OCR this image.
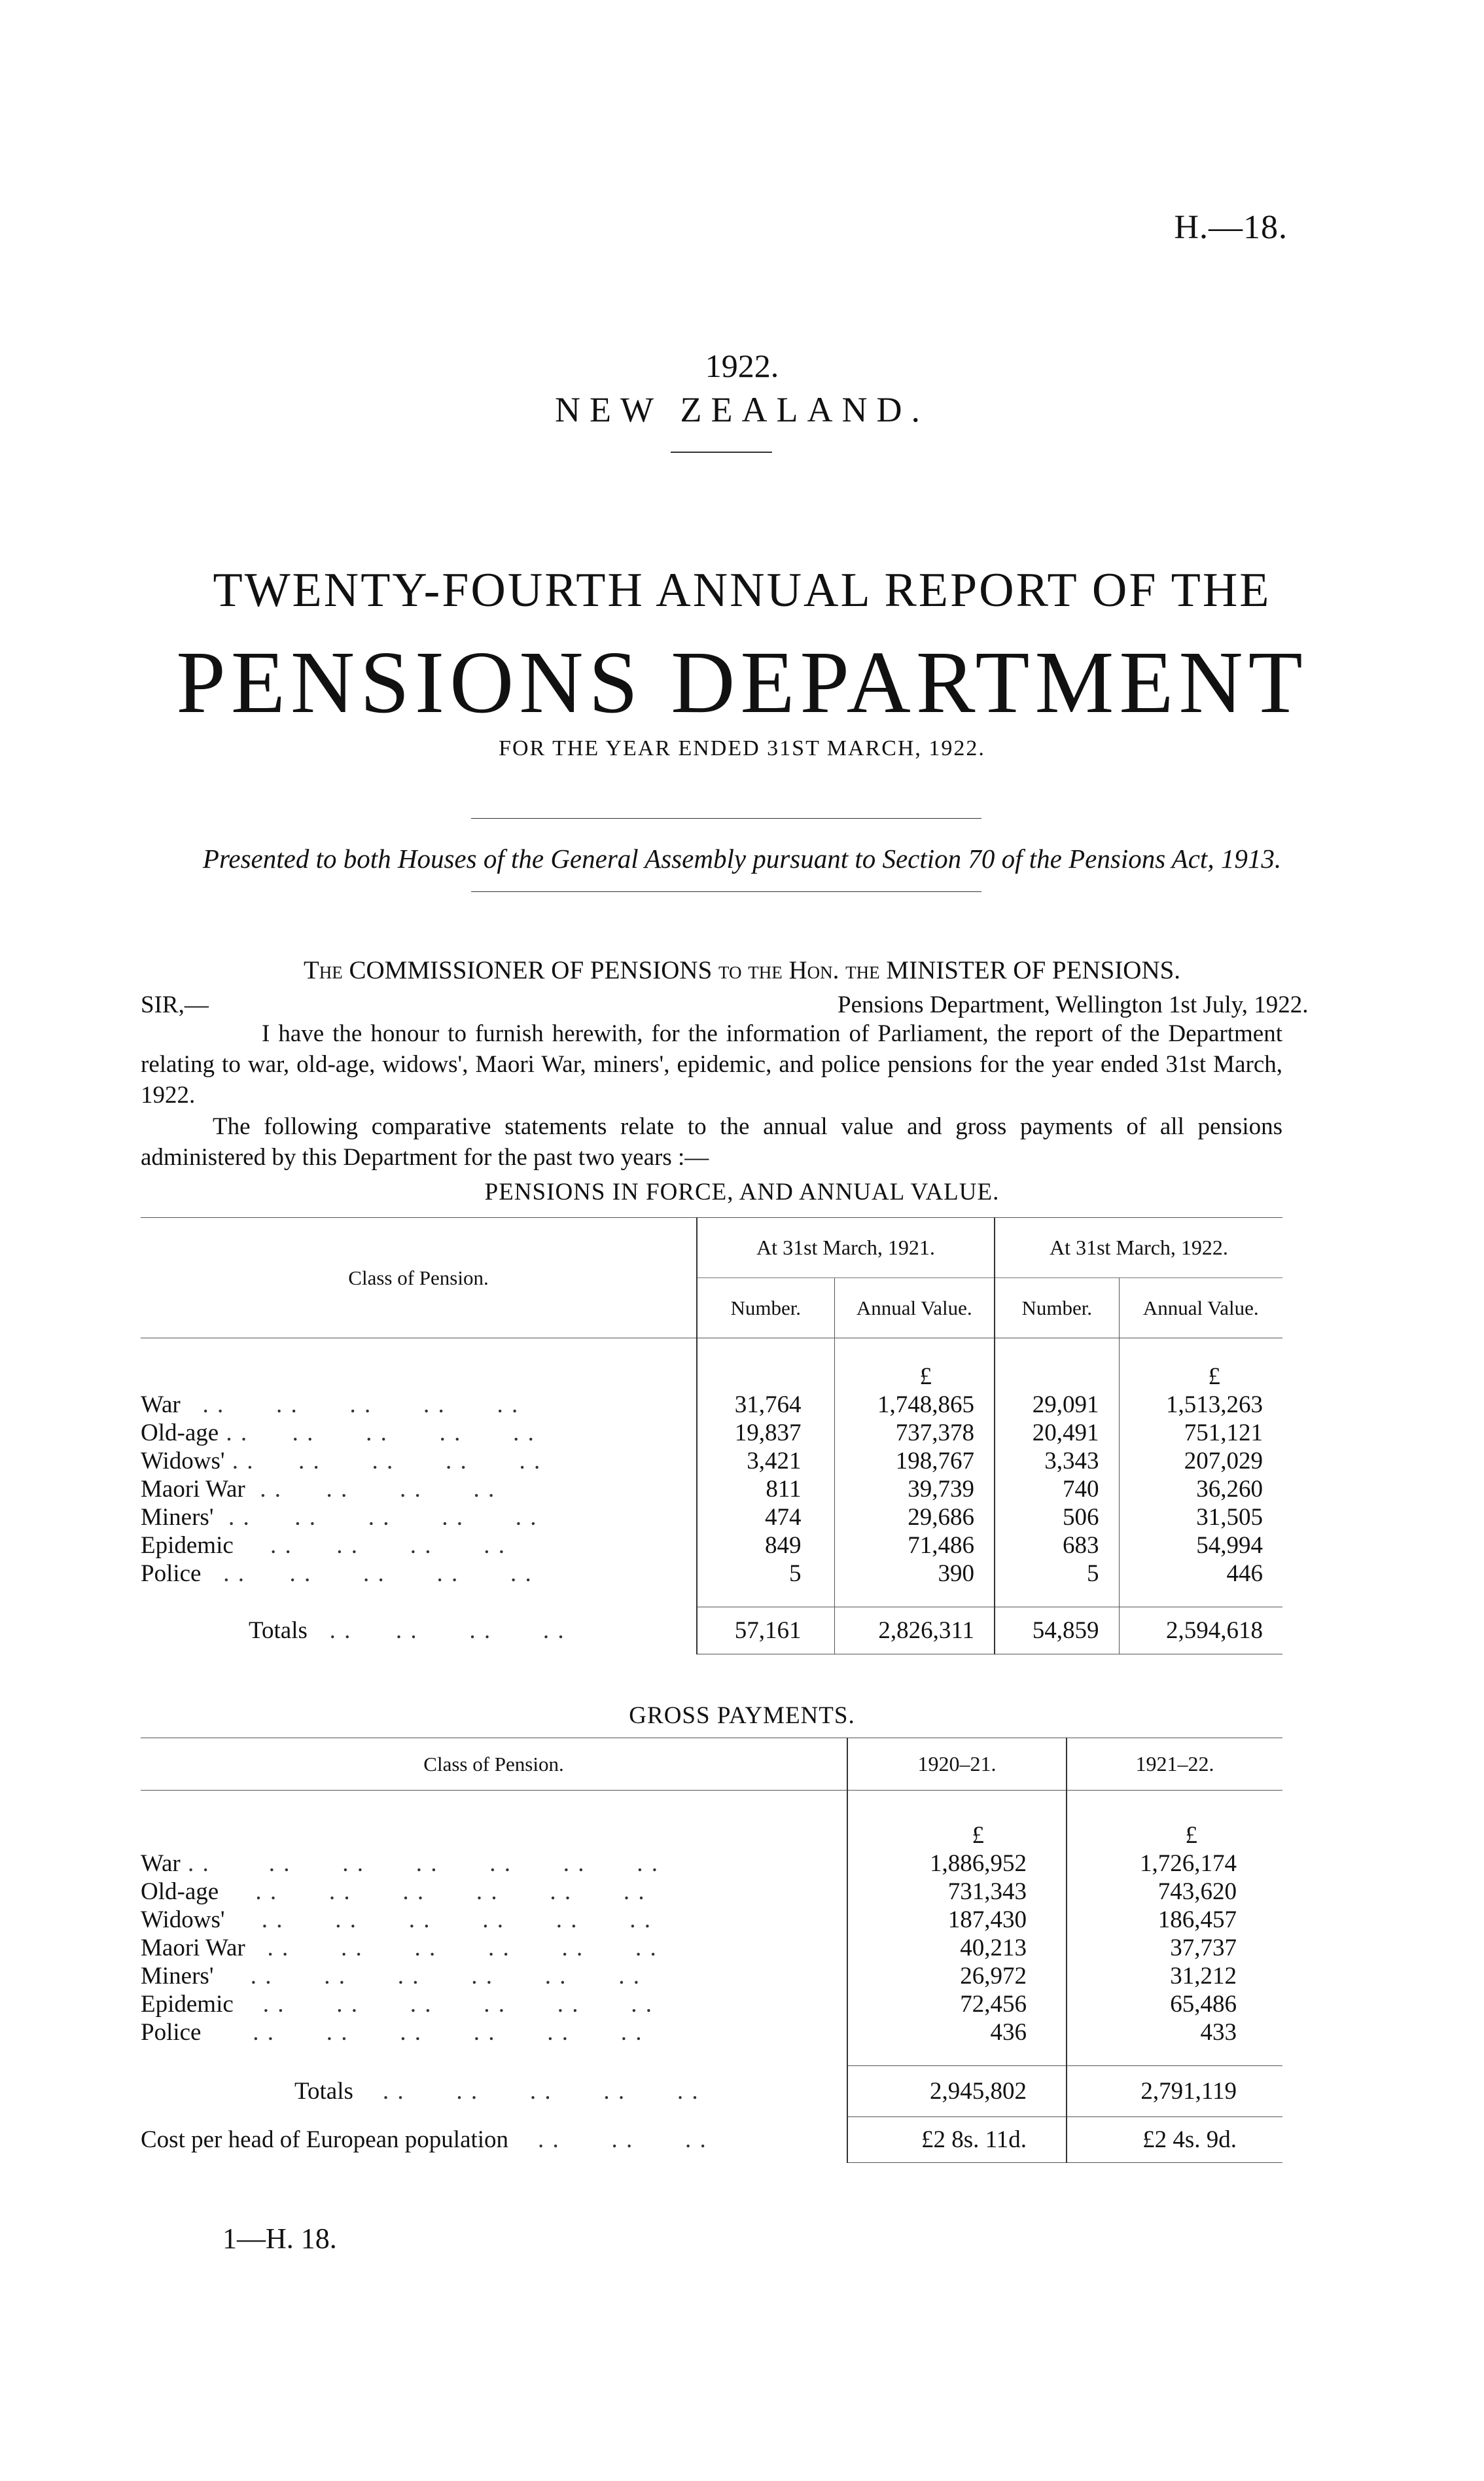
H.—18.
1922.
NEW ZEALAND.
TWENTY-FOURTH ANNUAL REPORT OF THE
PENSIONS DEPARTMENT
FOR THE YEAR ENDED 31ST MARCH, 1922.
Presented to both Houses of the General Assembly pursuant to Section 70 of the Pensions Act, 1913.
The COMMISSIONER OF PENSIONS to the Hon. the MINISTER OF PENSIONS.
SIR,—	Pensions Department, Wellington 1st July, 1922.
I have the honour to furnish herewith, for the information of Parliament, the report of the Department relating to war, old-age, widows', Maori War, miners', epidemic, and police pensions for the year ended 31st March, 1922.
The following comparative statements relate to the annual value and gross payments of all pensions administered by this Department for the past two years :—
PENSIONS IN FORCE, AND ANNUAL VALUE.
Class of Pension.	At 31st March, 1921.		At 31st March, 1922.	
	Number.	Annual Value.	Number.	Annual Value.
		£		£
War   . .       . .       . .       . .       . .	31,764	1,748,865	29,091	1,513,263
Old-age . .      . .       . .       . .       . .	19,837	737,378	20,491	751,121
Widows' . .      . .       . .       . .       . .	3,421	198,767	3,343	207,029
Maori War  . .      . .       . .       . .	811	39,739	740	36,260
Miners'  . .      . .       . .       . .       . .	474	29,686	506	31,505
Epidemic     . .      . .       . .       . .	849	71,486	683	54,994
Police   . .      . .       . .       . .       . .	5	390	5	446

Totals   . .      . .       . .       . .	57,161	2,826,311	54,859	2,594,618
GROSS PAYMENTS.
Class of Pension.	1920–21.	1921–22.
	£	£
War . .        . .       . .       . .       . .       . .       . .	1,886,952	1,726,174
Old-age     . .       . .       . .       . .       . .       . .	731,343	743,620
Widows'     . .       . .       . .       . .       . .       . .	187,430	186,457
Maori War   . .       . .       . .       . .       . .       . .	40,213	37,737
Miners'     . .       . .       . .       . .       . .       . .	26,972	31,212
Epidemic    . .       . .       . .       . .       . .       . .	72,456	65,486
Police       . .       . .       . .       . .       . .       . .	436	433

Totals    . .       . .       . .       . .       . .	2,945,802	2,791,119
Cost per head of European population    . .       . .       . .	£2 8s. 11d.	£2 4s. 9d.
1—H. 18.
